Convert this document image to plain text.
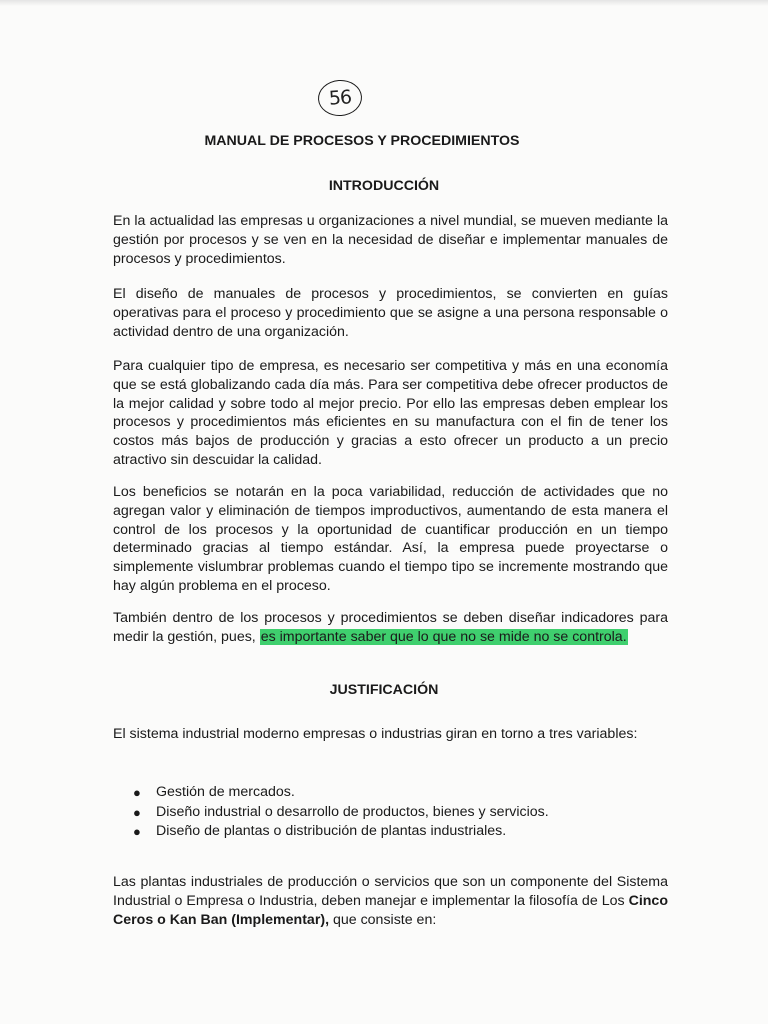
56
MANUAL DE PROCESOS Y PROCEDIMIENTOS
INTRODUCCIÓN

En la actualidad las empresas u organizaciones a nivel mundial, se mueven mediante la gestión por procesos y se ven en la necesidad de diseñar e implementar manuales de procesos y procedimientos.

El diseño de manuales de procesos y procedimientos, se convierten en guías operativas para el proceso y procedimiento que se asigne a una persona responsable o actividad dentro de una organización.

Para cualquier tipo de empresa, es necesario ser competitiva y más en una economía que se está globalizando cada día más. Para ser competitiva debe ofrecer productos de la mejor calidad y sobre todo al mejor precio. Por ello las empresas deben emplear los procesos y procedimientos más eficientes en su manufactura con el fin de tener los costos más bajos de producción y gracias a esto ofrecer un producto a un precio atractivo sin descuidar la calidad.

Los beneficios se notarán en la poca variabilidad, reducción de actividades que no agregan valor y eliminación de tiempos improductivos, aumentando de esta manera el control de los procesos y la oportunidad de cuantificar producción en un tiempo determinado gracias al tiempo estándar. Así, la empresa puede proyectarse o simplemente vislumbrar problemas cuando el tiempo tipo se incremente mostrando que hay algún problema en el proceso.

También dentro de los procesos y procedimientos se deben diseñar indicadores para medir la gestión, pues, es importante saber que lo que no se mide no se controla.

JUSTIFICACIÓN

El sistema industrial moderno empresas o industrias giran en torno a tres variables:

● Gestión de mercados.
● Diseño industrial o desarrollo de productos, bienes y servicios.
● Diseño de plantas o distribución de plantas industriales.

Las plantas industriales de producción o servicios que son un componente del Sistema Industrial o Empresa o Industria, deben manejar e implementar la filosofía de Los Cinco Ceros o Kan Ban (Implementar), que consiste en:
